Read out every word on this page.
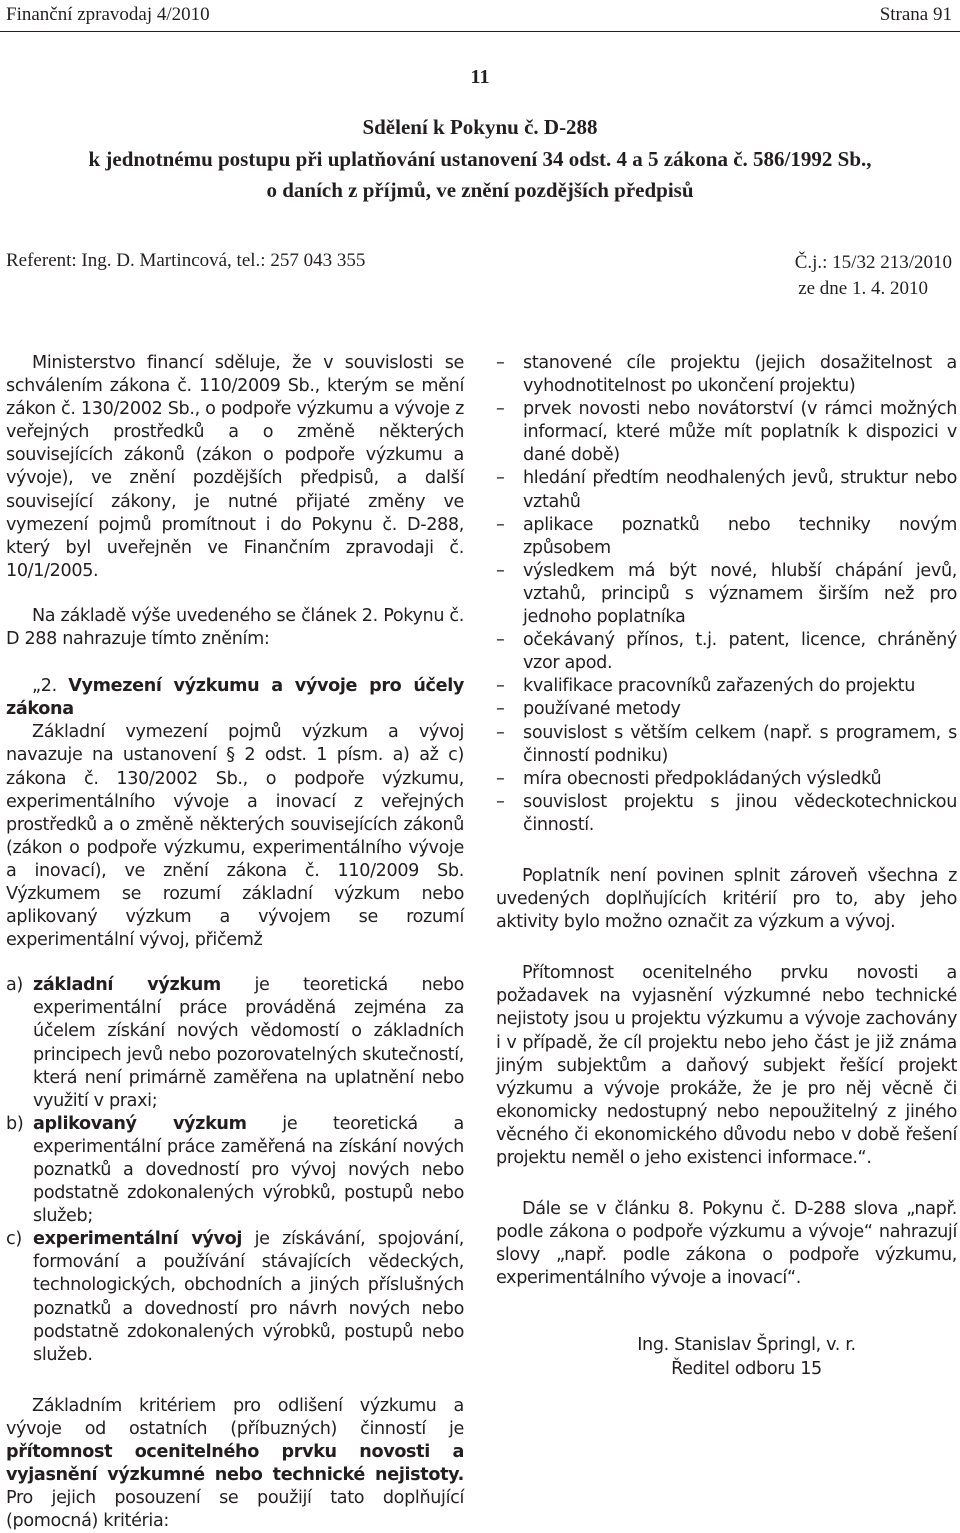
Finanční zpravodaj 4/2010	Strana 91
11
Sdělení k Pokynu č. D-288
k jednotnému postupu při uplatňování ustanovení 34 odst. 4 a 5 zákona č. 586/1992 Sb.,
o daních z příjmů, ve znění pozdějších předpisů
Referent: Ing. D. Martincová, tel.: 257 043 355	Č.j.: 15/32 213/2010
ze dne 1. 4. 2010

Ministerstvo financí sděluje, že v souvislosti se schválením zákona č. 110/2009 Sb., kterým se mění zákon č. 130/2002 Sb., o podpoře výzkumu a vývoje z veřejných prostředků a o změně některých souvisejících zákonů (zákon o podpoře výzkumu a vývoje), ve znění pozdějších předpisů, a další související zákony, je nutné přijaté změny ve vymezení pojmů promítnout i do Pokynu č. D-288, který byl uveřejněn ve Finančním zpravodaji č. 10/1/2005.

Na základě výše uvedeného se článek 2. Pokynu č. D 288 nahrazuje tímto zněním:

„2. Vymezení výzkumu a vývoje pro účely zákona

Základní vymezení pojmů výzkum a vývoj navazuje na ustanovení § 2 odst. 1 písm. a) až c) zákona č. 130/2002 Sb., o podpoře výzkumu, experimentálního vývoje a inovací z veřejných prostředků a o změně některých souvisejících zákonů (zákon o podpoře výzkumu, experimentálního vývoje a inovací), ve znění zákona č. 110/2009 Sb. Výzkumem se rozumí základní výzkum nebo aplikovaný výzkum a vývojem se rozumí experimentální vývoj, přičemž

a) základní výzkum je teoretická nebo experimentální práce prováděná zejména za účelem získání nových vědomostí o základních principech jevů nebo pozorovatelných skutečností, která není primárně zaměřena na uplatnění nebo využití v praxi;
b) aplikovaný výzkum je teoretická a experimentální práce zaměřená na získání nových poznatků a dovedností pro vývoj nových nebo podstatně zdokonalených výrobků, postupů nebo služeb;
c) experimentální vývoj je získávání, spojování, formování a používání stávajících vědeckých, technologických, obchodních a jiných příslušných poznatků a dovedností pro návrh nových nebo podstatně zdokonalených výrobků, postupů nebo služeb.

Základním kritériem pro odlišení výzkumu a vývoje od ostatních (příbuzných) činností je přítomnost ocenitelného prvku novosti a vyjasnění výzkumné nebo technické nejistoty. Pro jejich posouzení se použijí tato doplňující (pomocná) kritéria:

–	stanovené cíle projektu (jejich dosažitelnost a vyhodnotitelnost po ukončení projektu)
–	prvek novosti nebo novátorství (v rámci možných informací, které může mít poplatník k dispozici v dané době)
–	hledání předtím neodhalených jevů, struktur nebo vztahů
–	aplikace poznatků nebo techniky novým způsobem
–	výsledkem má být nové, hlubší chápání jevů, vztahů, principů s významem širším než pro jednoho poplatníka
–	očekávaný přínos, t.j. patent, licence, chráněný vzor apod.
–	kvalifikace pracovníků zařazených do projektu
–	používané metody
–	souvislost s větším celkem (např. s programem, s činností podniku)
–	míra obecnosti předpokládaných výsledků
–	souvislost projektu s jinou vědeckotechnickou činností.

Poplatník není povinen splnit zároveň všechna z uvedených doplňujících kritérií pro to, aby jeho aktivity bylo možno označit za výzkum a vývoj.

Přítomnost ocenitelného prvku novosti a požadavek na vyjasnění výzkumné nebo technické nejistoty jsou u projektu výzkumu a vývoje zachovány i v případě, že cíl projektu nebo jeho část je již známa jiným subjektům a daňový subjekt řešící projekt výzkumu a vývoje prokáže, že je pro něj věcně či ekonomicky nedostupný nebo nepoužitelný z jiného věcného či ekonomického důvodu nebo v době řešení projektu neměl o jeho existenci informace.“.

Dále se v článku 8. Pokynu č. D-288 slova „např. podle zákona o podpoře výzkumu a vývoje“ nahrazují slovy „např. podle zákona o podpoře výzkumu, experimentálního vývoje a inovací“.

Ing. Stanislav Špringl, v. r.
Ředitel odboru 15
